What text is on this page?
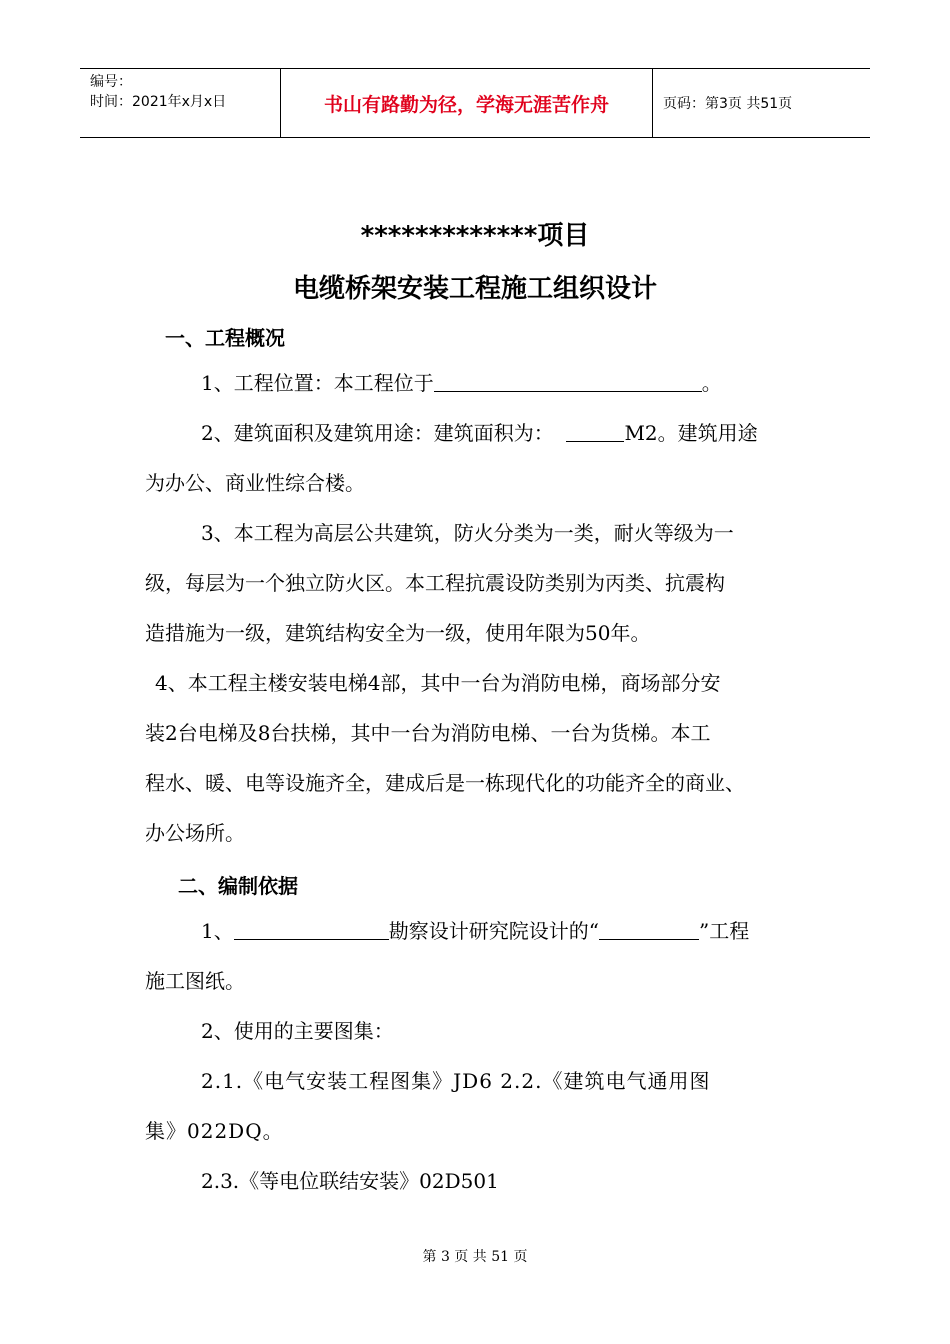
编号：
时间：2021年x月x日	书山有路勤为径，学海无涯苦作舟	页码：第3页 共51页
*************项目
电缆桥架安装工程施工组织设计
一、工程概况
1、工程位置：本工程位于	。
2、建筑面积及建筑用途：建筑面积为：	M2。建筑用途
为办公、商业性综合楼。
3、本工程为高层公共建筑，防火分类为一类，耐火等级为一
级，每层为一个独立防火区。本工程抗震设防类别为丙类、抗震构
造措施为一级，建筑结构安全为一级，使用年限为50年。
4、本工程主楼安装电梯4部，其中一台为消防电梯，商场部分安
装2台电梯及8台扶梯，其中一台为消防电梯、一台为货梯。本工
程水、暖、电等设施齐全，建成后是一栋现代化的功能齐全的商业、
办公场所。
二、编制依据
1、	勘察设计研究院设计的“	”工程
施工图纸。
2、使用的主要图集：
2.1.《电气安装工程图集》JD6 2.2.《建筑电气通用图
集》022DQ。
2.3.《等电位联结安装》02D501
第 3 页 共 51 页
